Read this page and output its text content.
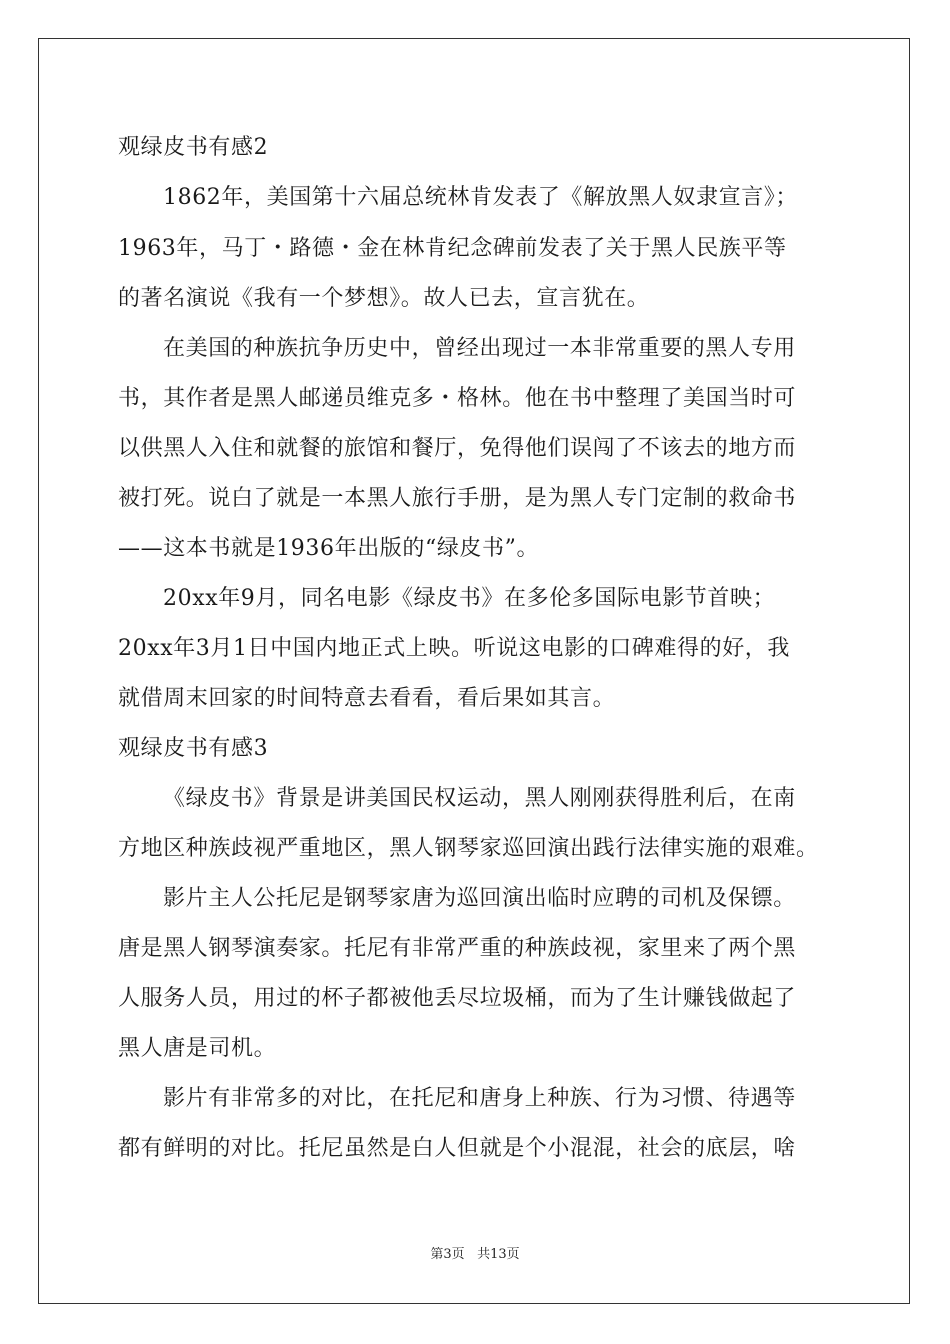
观绿皮书有感2
1862年，美国第十六届总统林肯发表了《解放黑人奴隶宣言》；
1963年，马丁・路德・金在林肯纪念碑前发表了关于黑人民族平等
的著名演说《我有一个梦想》。故人已去，宣言犹在。
在美国的种族抗争历史中，曾经出现过一本非常重要的黑人专用
书，其作者是黑人邮递员维克多・格林。他在书中整理了美国当时可
以供黑人入住和就餐的旅馆和餐厅，免得他们误闯了不该去的地方而
被打死。说白了就是一本黑人旅行手册，是为黑人专门定制的救命书
——这本书就是1936年出版的“绿皮书”。
20xx年9月，同名电影《绿皮书》在多伦多国际电影节首映；
20xx年3月1日中国内地正式上映。听说这电影的口碑难得的好，我
就借周末回家的时间特意去看看，看后果如其言。
观绿皮书有感3
《绿皮书》背景是讲美国民权运动，黑人刚刚获得胜利后，在南
方地区种族歧视严重地区，黑人钢琴家巡回演出践行法律实施的艰难。
影片主人公托尼是钢琴家唐为巡回演出临时应聘的司机及保镖。
唐是黑人钢琴演奏家。托尼有非常严重的种族歧视，家里来了两个黑
人服务人员，用过的杯子都被他丢尽垃圾桶，而为了生计赚钱做起了
黑人唐是司机。
影片有非常多的对比，在托尼和唐身上种族、行为习惯、待遇等
都有鲜明的对比。托尼虽然是白人但就是个小混混，社会的底层，啥
第3页 共13页
